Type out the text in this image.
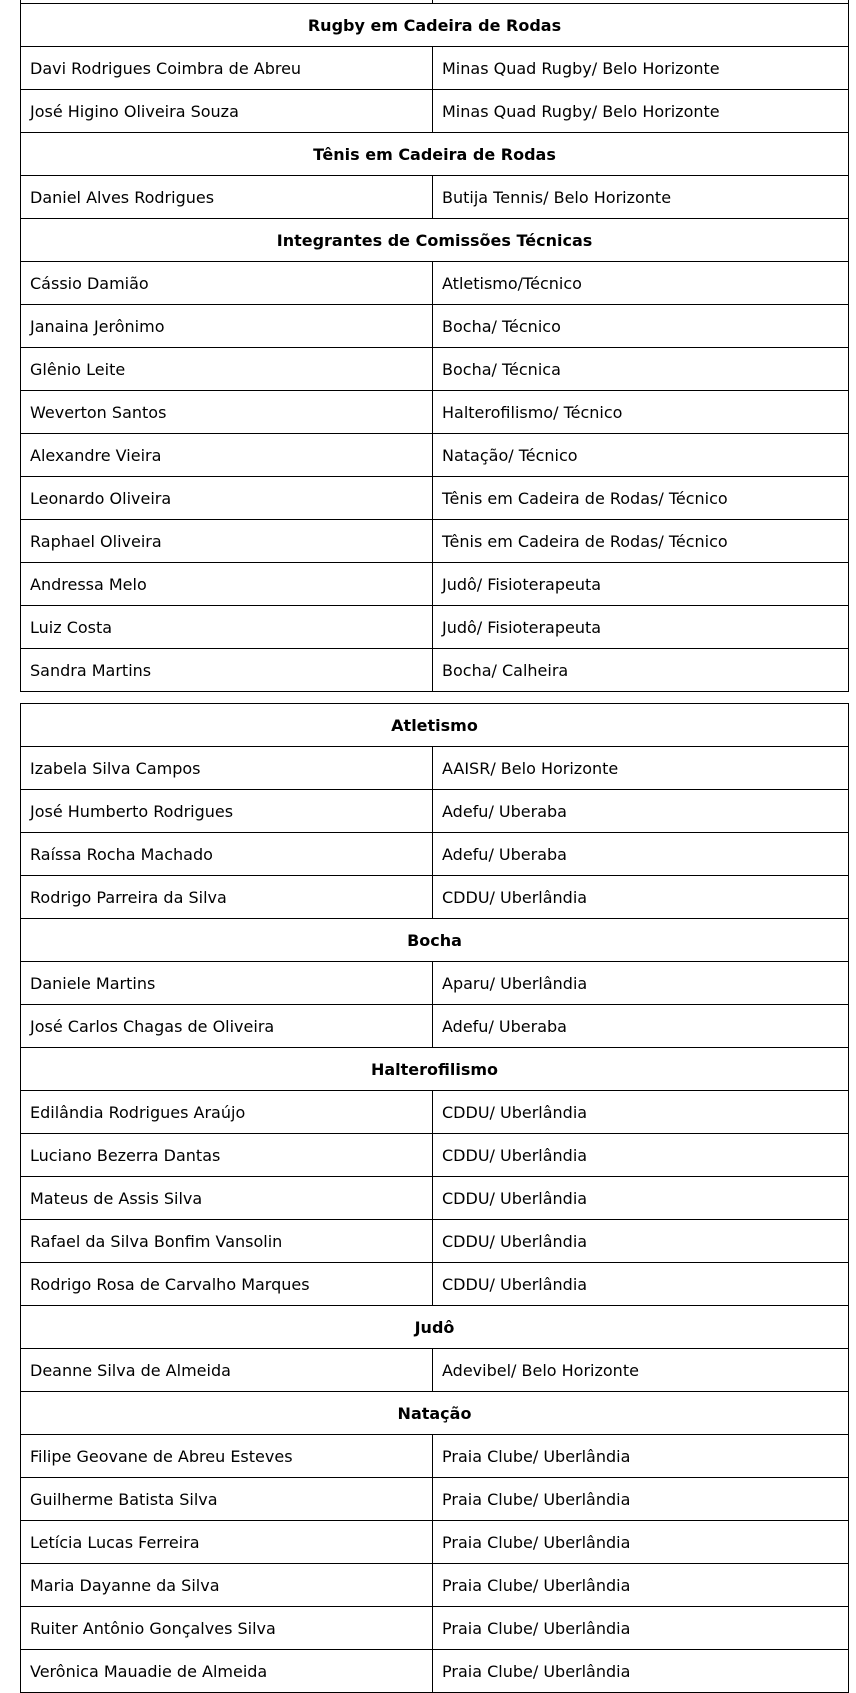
Rugby em Cadeira de Rodas	
Davi Rodrigues Coimbra de Abreu	Minas Quad Rugby/ Belo Horizonte
José Higino Oliveira Souza	Minas Quad Rugby/ Belo Horizonte
Tênis em Cadeira de Rodas	
Daniel Alves Rodrigues	Butija Tennis/ Belo Horizonte
Integrantes de Comissões Técnicas	
Cássio Damião	Atletismo/Técnico
Janaina Jerônimo	Bocha/ Técnico
Glênio Leite	Bocha/ Técnica
Weverton Santos	Halterofilismo/ Técnico
Alexandre Vieira	Natação/ Técnico
Leonardo Oliveira	Tênis em Cadeira de Rodas/ Técnico
Raphael Oliveira	Tênis em Cadeira de Rodas/ Técnico
Andressa Melo	Judô/ Fisioterapeuta
Luiz Costa	Judô/ Fisioterapeuta
Sandra Martins	Bocha/ Calheira
Atletismo	
Izabela Silva Campos	AAISR/ Belo Horizonte
José Humberto Rodrigues	Adefu/ Uberaba
Raíssa Rocha Machado	Adefu/ Uberaba
Rodrigo Parreira da Silva	CDDU/ Uberlândia
Bocha	
Daniele Martins	Aparu/ Uberlândia
José Carlos Chagas de Oliveira	Adefu/ Uberaba
Halterofilismo	
Edilândia Rodrigues Araújo	CDDU/ Uberlândia
Luciano Bezerra Dantas	CDDU/ Uberlândia
Mateus de Assis Silva	CDDU/ Uberlândia
Rafael da Silva Bonfim Vansolin	CDDU/ Uberlândia
Rodrigo Rosa de Carvalho Marques	CDDU/ Uberlândia
Judô	
Deanne Silva de Almeida	Adevibel/ Belo Horizonte
Natação	
Filipe Geovane de Abreu Esteves	Praia Clube/ Uberlândia
Guilherme Batista Silva	Praia Clube/ Uberlândia
Letícia Lucas Ferreira	Praia Clube/ Uberlândia
Maria Dayanne da Silva	Praia Clube/ Uberlândia
Ruiter Antônio Gonçalves Silva	Praia Clube/ Uberlândia
Verônica Mauadie de Almeida	Praia Clube/ Uberlândia
